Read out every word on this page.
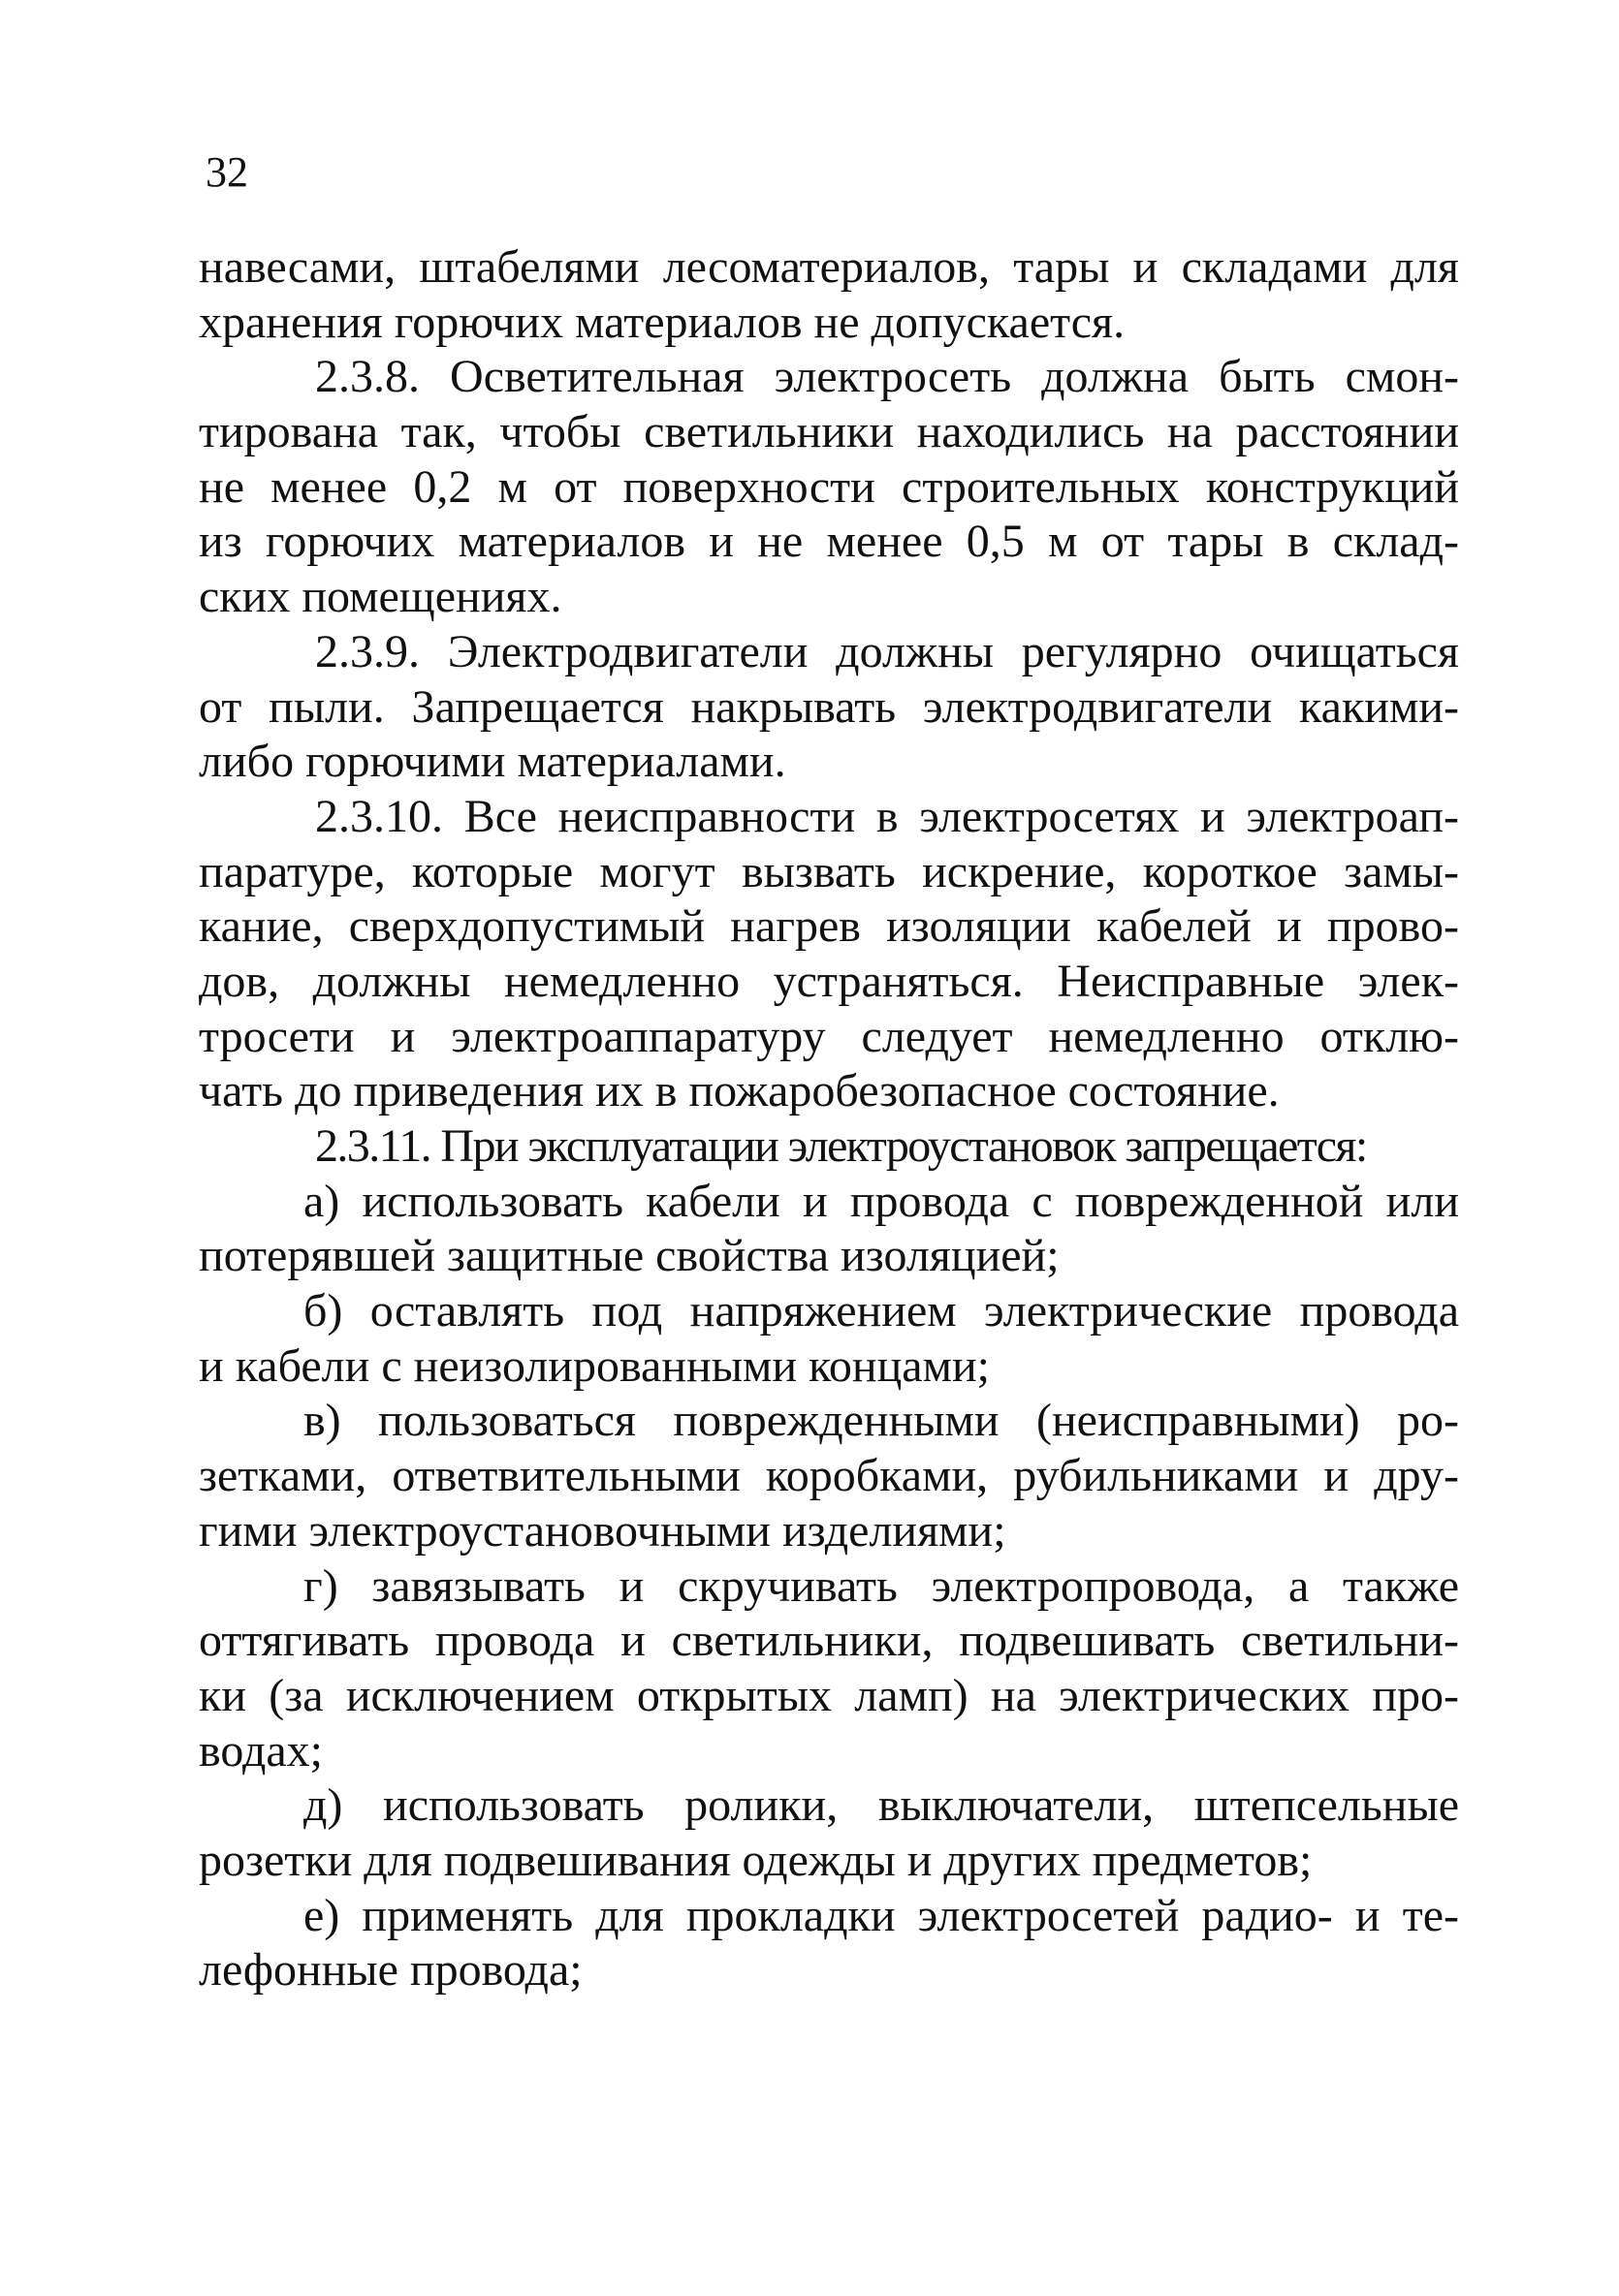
32
навесами, штабелями лесоматериалов, тары и складами для
хранения горючих материалов не допускается.
2.3.8. Осветительная электросеть должна быть смон-
тирована так, чтобы светильники находились на расстоянии
не менее 0,2 м от поверхности строительных конструкций
из горючих материалов и не менее 0,5 м от тары в склад-
ских помещениях.
2.3.9. Электродвигатели должны регулярно очищаться
от пыли. Запрещается накрывать электродвигатели какими-
либо горючими материалами.
2.3.10. Все неисправности в электросетях и электроап-
паратуре, которые могут вызвать искрение, короткое замы-
кание, сверхдопустимый нагрев изоляции кабелей и прово-
дов, должны немедленно устраняться. Неисправные элек-
тросети и электроаппаратуру следует немедленно отклю-
чать до приведения их в пожаробезопасное состояние.
2.3.11. При эксплуатации электроустановок запрещается:
а) использовать кабели и провода с поврежденной или
потерявшей защитные свойства изоляцией;
б) оставлять под напряжением электрические провода
и кабели с неизолированными концами;
в) пользоваться поврежденными (неисправными) ро-
зетками, ответвительными коробками, рубильниками и дру-
гими электроустановочными изделиями;
г) завязывать и скручивать электропровода, а также
оттягивать провода и светильники, подвешивать светильни-
ки (за исключением открытых ламп) на электрических про-
водах;
д) использовать ролики, выключатели, штепсельные
розетки для подвешивания одежды и других предметов;
е) применять для прокладки электросетей радио- и те-
лефонные провода;
